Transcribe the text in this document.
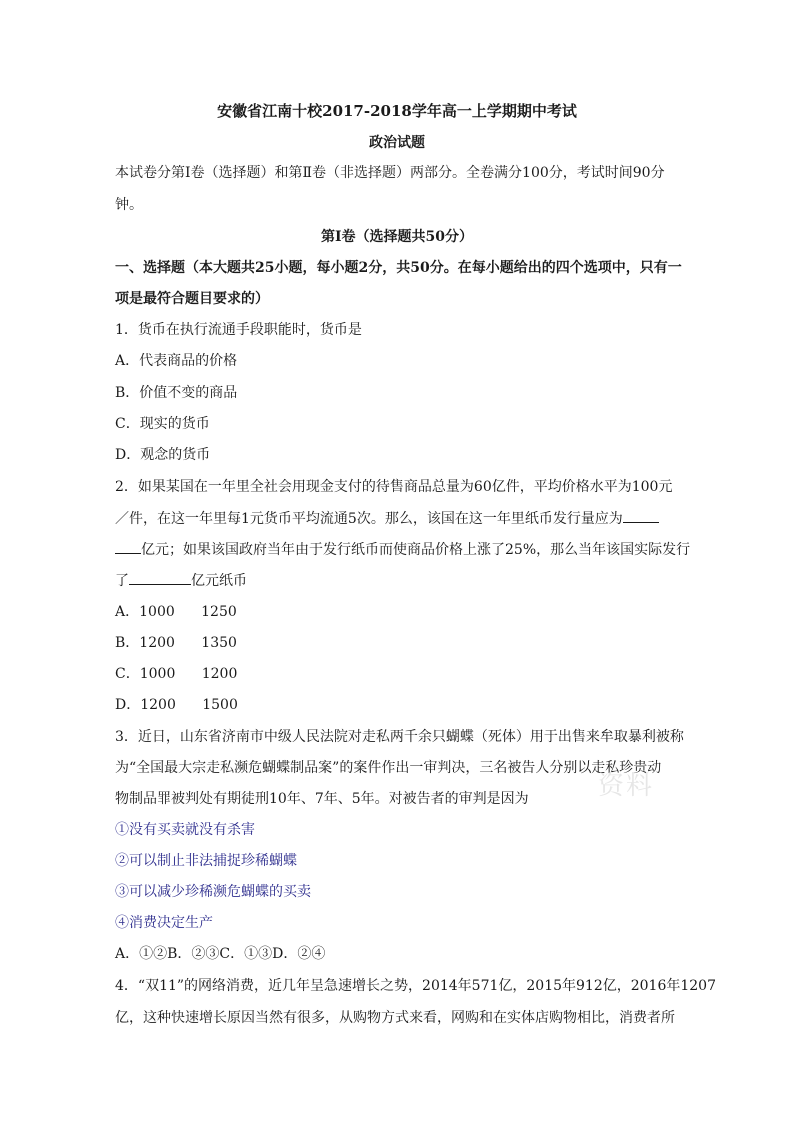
安徽省江南十校2017-2018学年高一上学期期中考试
政治试题
本试卷分第Ⅰ卷（选择题）和第Ⅱ卷（非选择题）两部分。全卷满分100分，考试时间90分
钟。
第Ⅰ卷（选择题共50分）
一、选择题（本大题共25小题，每小题2分，共50分。在每小题给出的四个选项中，只有一
项是最符合题目要求的）
1．货币在执行流通手段职能时，货币是
A．代表商品的价格
B．价值不变的商品
C．现实的货币
D．观念的货币
2．如果某国在一年里全社会用现金支付的待售商品总量为60亿件，平均价格水平为100元
／件，在这一年里每1元货币平均流通5次。那么，该国在这一年里纸币发行量应为
亿元；如果该国政府当年由于发行纸币而使商品价格上涨了25%，那么当年该国实际发行
了	亿元纸币
A．1000 1250
B．1200 1350
C．1000 1200
D．1200 1500
3．近日，山东省济南市中级人民法院对走私两千余只蝴蝶（死体）用于出售来牟取暴利被称
为“全国最大宗走私濒危蝴蝶制品案”的案件作出一审判决，三名被告人分别以走私珍贵动
物制品罪被判处有期徒刑10年、7年、5年。对被告者的审判是因为
①没有买卖就没有杀害
②可以制止非法捕捉珍稀蝴蝶
③可以减少珍稀濒危蝴蝶的买卖
④消费决定生产
A．①②B．②③C．①③D．②④
4．“双11”的网络消费，近几年呈急速增长之势，2014年571亿，2015年912亿，2016年1207
亿，这种快速增长原因当然有很多，从购物方式来看，网购和在实体店购物相比，消费者所
资料
